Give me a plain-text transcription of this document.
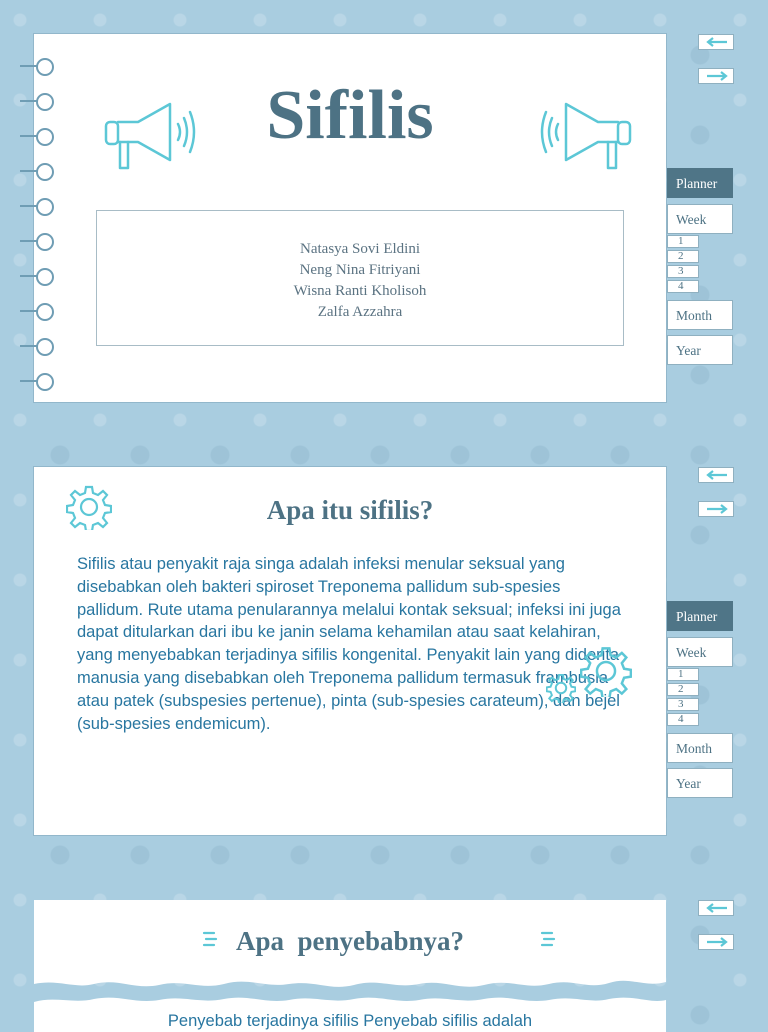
Sifilis
Natasya Sovi Eldini
Neng Nina Fitriyani
Wisna Ranti Kholisoh
Zalfa Azzahra
Planner
Week
1
2
3
4
Month
Year
Apa itu sifilis?
Sifilis atau penyakit raja singa adalah infeksi menular seksual yang disebabkan oleh bakteri spiroset Treponema pallidum sub-spesies pallidum. Rute utama penularannya melalui kontak seksual; infeksi ini juga dapat ditularkan dari ibu ke janin selama kehamilan atau saat kelahiran, yang menyebabkan terjadinya sifilis kongenital. Penyakit lain yang diderita manusia yang disebabkan oleh Treponema pallidum termasuk frambusia atau patek (subspesies pertenue), pinta (sub-spesies carateum), dan bejel (sub-spesies endemicum).
Planner
Week
1
2
3
4
Month
Year
Apa  penyebabnya?
Penyebab terjadinya sifilis Penyebab sifilis adalah
